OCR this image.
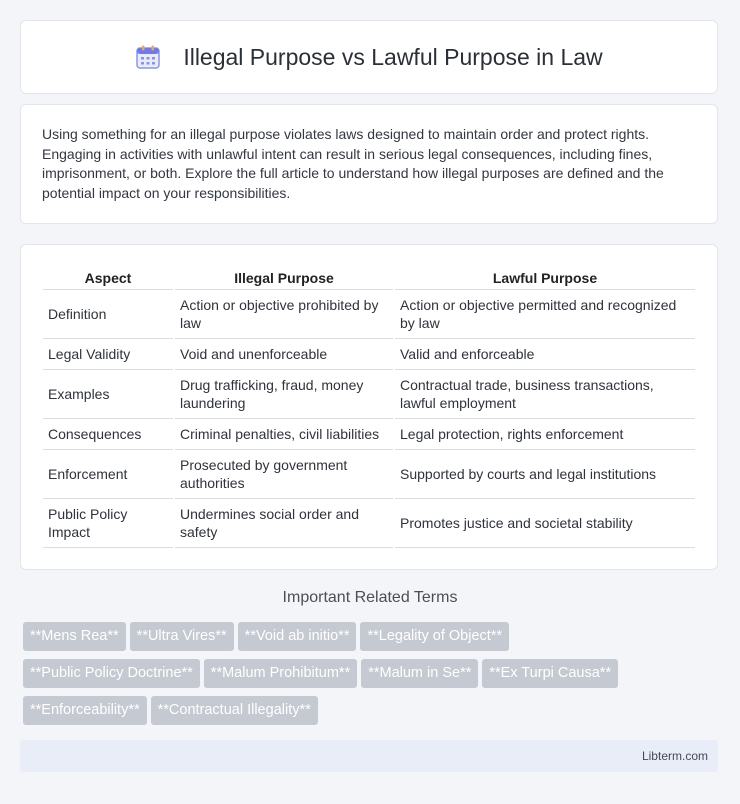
Illegal Purpose vs Lawful Purpose in Law

Using something for an illegal purpose violates laws designed to maintain order and protect rights. Engaging in activities with unlawful intent can result in serious legal consequences, including fines, imprisonment, or both. Explore the full article to understand how illegal purposes are defined and the potential impact on your responsibilities.

Aspect	Illegal Purpose	Lawful Purpose
Definition	Action or objective prohibited by law	Action or objective permitted and recognized by law
Legal Validity	Void and unenforceable	Valid and enforceable
Examples	Drug trafficking, fraud, money laundering	Contractual trade, business transactions, lawful employment
Consequences	Criminal penalties, civil liabilities	Legal protection, rights enforcement
Enforcement	Prosecuted by government authorities	Supported by courts and legal institutions
Public Policy Impact	Undermines social order and safety	Promotes justice and societal stability
Important Related Terms
**Mens Rea** **Ultra Vires** **Void ab initio** **Legality of Object**
**Public Policy Doctrine** **Malum Prohibitum** **Malum in Se** **Ex Turpi Causa**
**Enforceability** **Contractual Illegality**
Libterm.com
